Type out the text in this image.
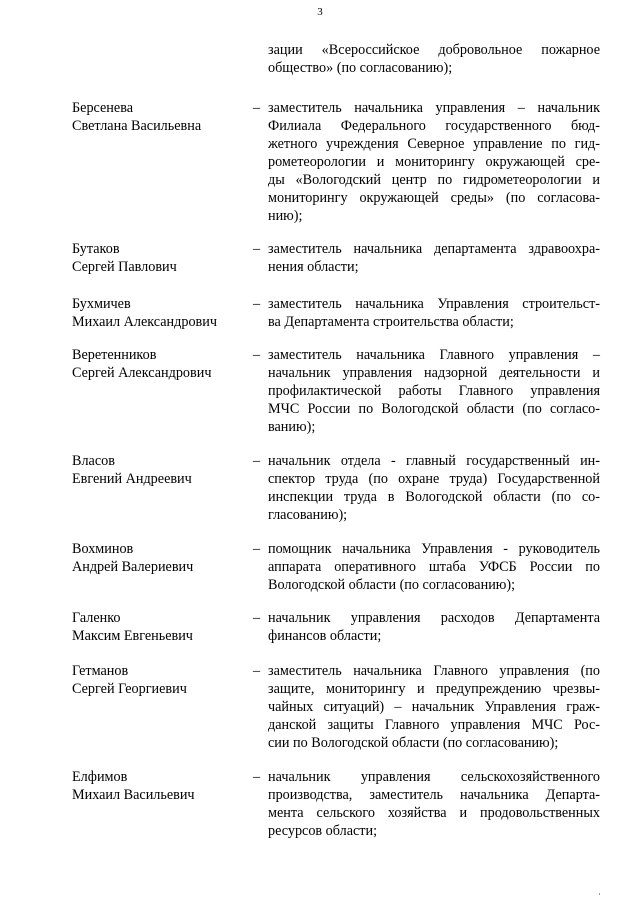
3
зации «Всероссийское добровольное пожарное
общество» (по согласованию);
Берсенева
Светлана Васильевна
– заместитель начальника управления – начальник
Филиала Федерального государственного бюд-
жетного учреждения Северное управление по гид-
рометеорологии и мониторингу окружающей сре-
ды «Вологодский центр по гидрометеорологии и
мониторингу окружающей среды» (по согласова-
нию);
Бутаков
Сергей Павлович
– заместитель начальника департамента здравоохра-
нения области;
Бухмичев
Михаил Александрович
– заместитель начальника Управления строительст-
ва Департамента строительства области;
Веретенников
Сергей Александрович
– заместитель начальника Главного управления –
начальник управления надзорной деятельности и
профилактической работы Главного управления
МЧС России по Вологодской области (по согласо-
ванию);
Власов
Евгений Андреевич
– начальник отдела - главный государственный ин-
спектор труда (по охране труда) Государственной
инспекции труда в Вологодской области (по со-
гласованию);
Вохминов
Андрей Валериевич
– помощник начальника Управления - руководитель
аппарата оперативного штаба УФСБ России по
Вологодской области (по согласованию);
Галенко
Максим Евгеньевич
– начальник управления расходов Департамента
финансов области;
Гетманов
Сергей Георгиевич
– заместитель начальника Главного управления (по
защите, мониторингу и предупреждению чрезвы-
чайных ситуаций) – начальник Управления граж-
данской защиты Главного управления МЧС Рос-
сии по Вологодской области (по согласованию);
Елфимов
Михаил Васильевич
– начальник управления сельскохозяйственного
производства, заместитель начальника Департа-
мента сельского хозяйства и продовольственных
ресурсов области;
